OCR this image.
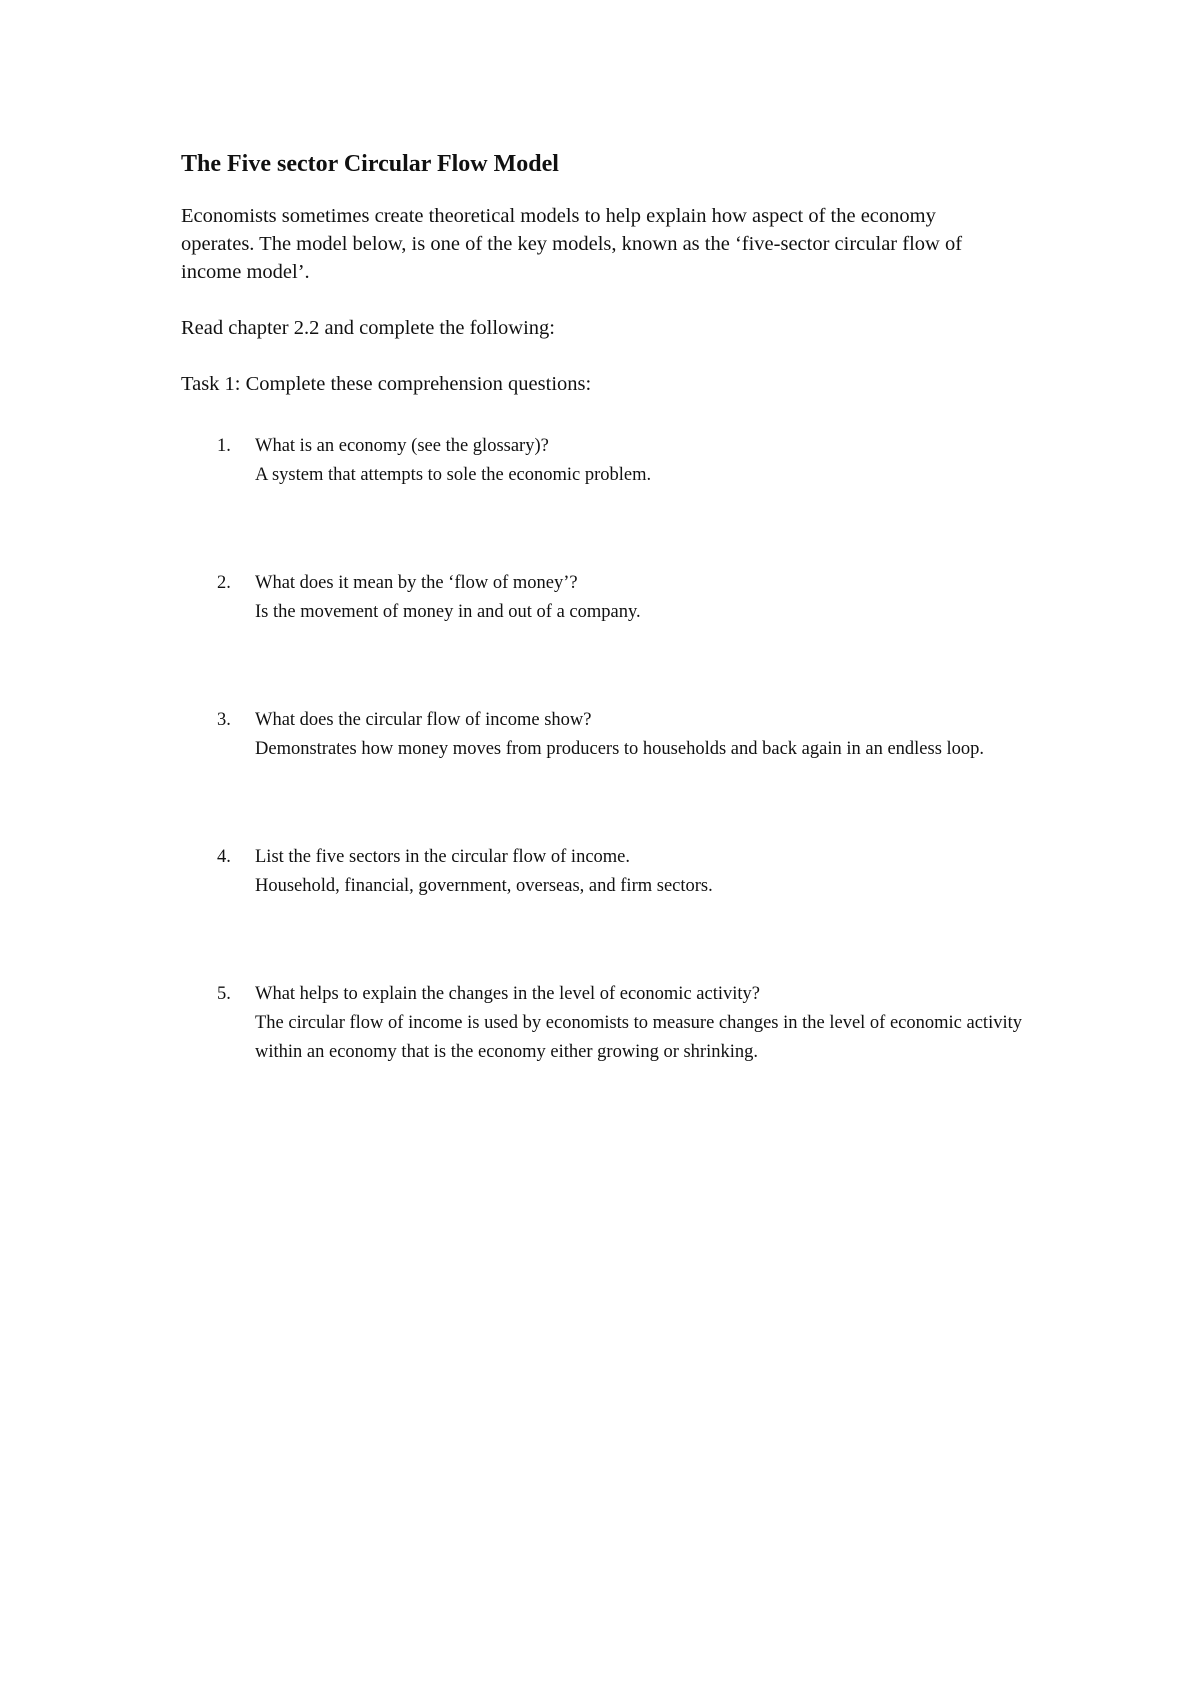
The Five sector Circular Flow Model

Economists sometimes create theoretical models to help explain how aspect of the economy operates. The model below, is one of the key models, known as the ‘five-sector circular flow of income model’.

Read chapter 2.2 and complete the following:

Task 1: Complete these comprehension questions:

1.	What is an economy (see the glossary)?
A system that attempts to sole the economic problem.
2.	What does it mean by the ‘flow of money’?
Is the movement of money in and out of a company.
3.	What does the circular flow of income show?
Demonstrates how money moves from producers to households and back again in an endless loop.
4.	List the five sectors in the circular flow of income.
Household, financial, government, overseas, and firm sectors.
5.	What helps to explain the changes in the level of economic activity?
The circular flow of income is used by economists to measure changes in the level of economic activity within an economy that is the economy either growing or shrinking.
